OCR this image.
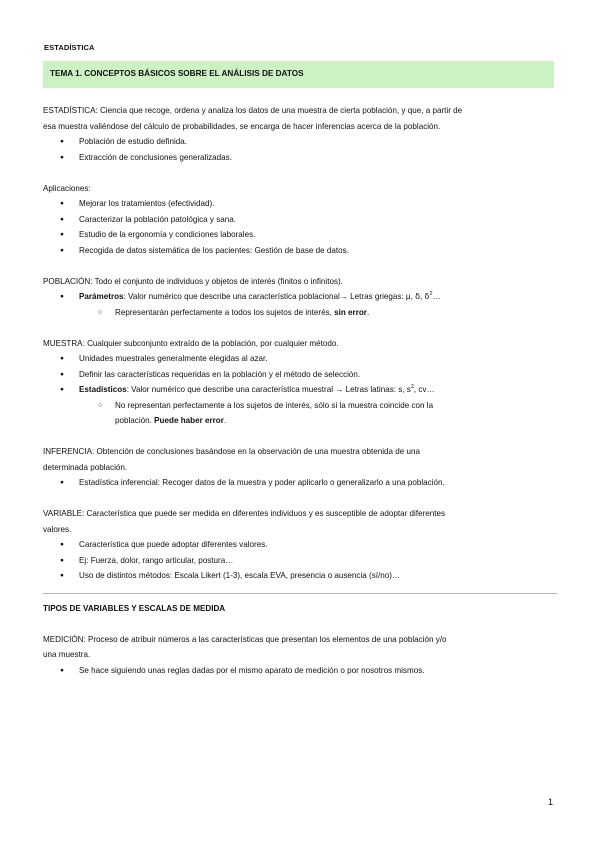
ESTADÍSTICA
TEMA 1. CONCEPTOS BÁSICOS SOBRE EL ANÁLISIS DE DATOS

ESTADÍSTICA: Ciencia que recoge, ordena y analiza los datos de una muestra de cierta población, y que, a partir de

esa muestra valiéndose del cálculo de probabilidades, se encarga de hacer inferencias acerca de la población.

● Población de estudio definida.
● Extracción de conclusiones generalizadas.

Aplicaciones:

● Mejorar los tratamientos (efectividad).
● Caracterizar la población patológica y sana.
● Estudio de la ergonomía y condiciones laborales.
● Recogida de datos sistemática de los pacientes: Gestión de base de datos.

POBLACIÓN: Todo el conjunto de individuos y objetos de interés (finitos o infinitos).

● Parámetros: Valor numérico que describe una característica poblacional→ Letras griegas: μ, ẟ, ẟ$^2$…
○ Representarán perfectamente a todos los sujetos de interés, sin error.

MUESTRA: Cualquier subconjunto extraído de la población, por cualquier método.

● Unidades muestrales generalmente elegidas al azar.
● Definir las características requeridas en la población y el método de selección.
● Estadísticos: Valor numérico que describe una característica muestral → Letras latinas: s, $s^2$, cv…
○ No representan perfectamente a los sujetos de interés, sólo si la muestra coincide con la
población. Puede haber error.

INFERENCIA: Obtención de conclusiones basándose en la observación de una muestra obtenida de una

determinada población.

● Estadística inferencial: Recoger datos de la muestra y poder aplicarlo o generalizarlo a una población.

VARIABLE: Característica que puede ser medida en diferentes individuos y es susceptible de adoptar diferentes

valores.

● Característica que puede adoptar diferentes valores.
● Ej: Fuerza, dolor, rango articular, postura…
● Uso de distintos métodos: Escala Likert (1-3), escala EVA, presencia o ausencia (sí/no)…

TIPOS DE VARIABLES Y ESCALAS DE MEDIDA

MEDICIÓN: Proceso de atribuir números a las características que presentan los elementos de una población y/o

una muestra.

● Se hace siguiendo unas reglas dadas por el mismo aparato de medición o por nosotros mismos.
1
